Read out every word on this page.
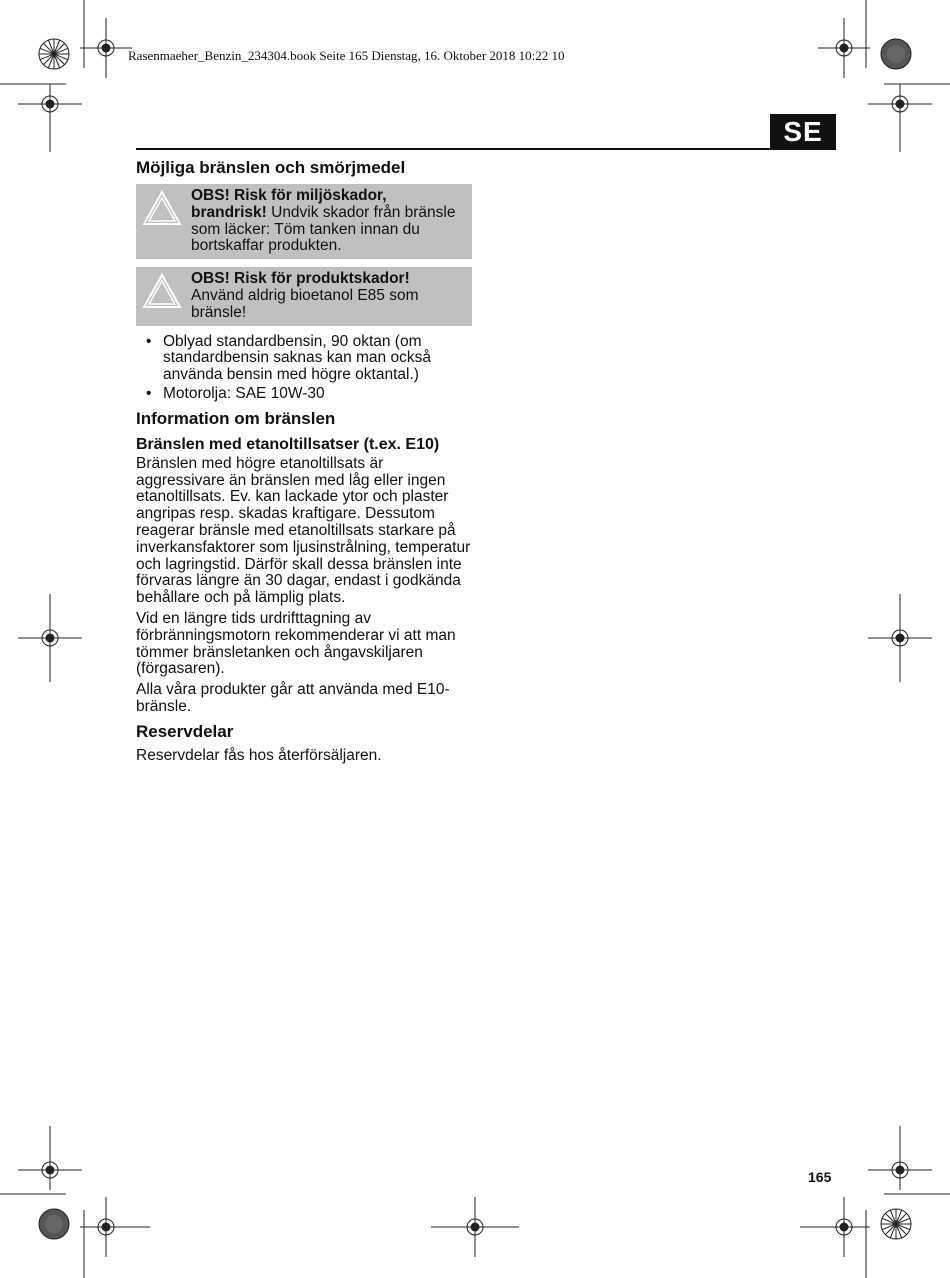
Rasenmaeher_Benzin_234304.book Seite 165 Dienstag, 16. Oktober 2018 10:22 10
SE
Möjliga bränslen och smörjmedel
OBS! Risk för miljöskador, brandrisk! Undvik skador från bränsle som läcker: Töm tanken innan du bortskaffar produkten.
OBS! Risk för produktskador! Använd aldrig bioetanol E85 som bränsle!
• Oblyad standardbensin, 90 oktan (om standardbensin saknas kan man också använda bensin med högre oktantal.)
• Motorolja: SAE 10W-30
Information om bränslen
Bränslen med etanoltillsatser (t.ex. E10)

Bränslen med högre etanoltillsats är aggressivare än bränslen med låg eller ingen etanoltillsats. Ev. kan lackade ytor och plaster angripas resp. skadas kraftigare. Dessutom reagerar bränsle med etanoltillsats starkare på inverkansfaktorer som ljusinstrålning, temperatur och lagringstid. Därför skall dessa bränslen inte förvaras längre än 30 dagar, endast i godkända behållare och på lämplig plats.

Vid en längre tids urdrifttagning av förbränningsmotorn rekommenderar vi att man tömmer bränsletanken och ångavskiljaren (förgasaren).

Alla våra produkter går att använda med E10-bränsle.

Reservdelar

Reservdelar fås hos återförsäljaren.

165
